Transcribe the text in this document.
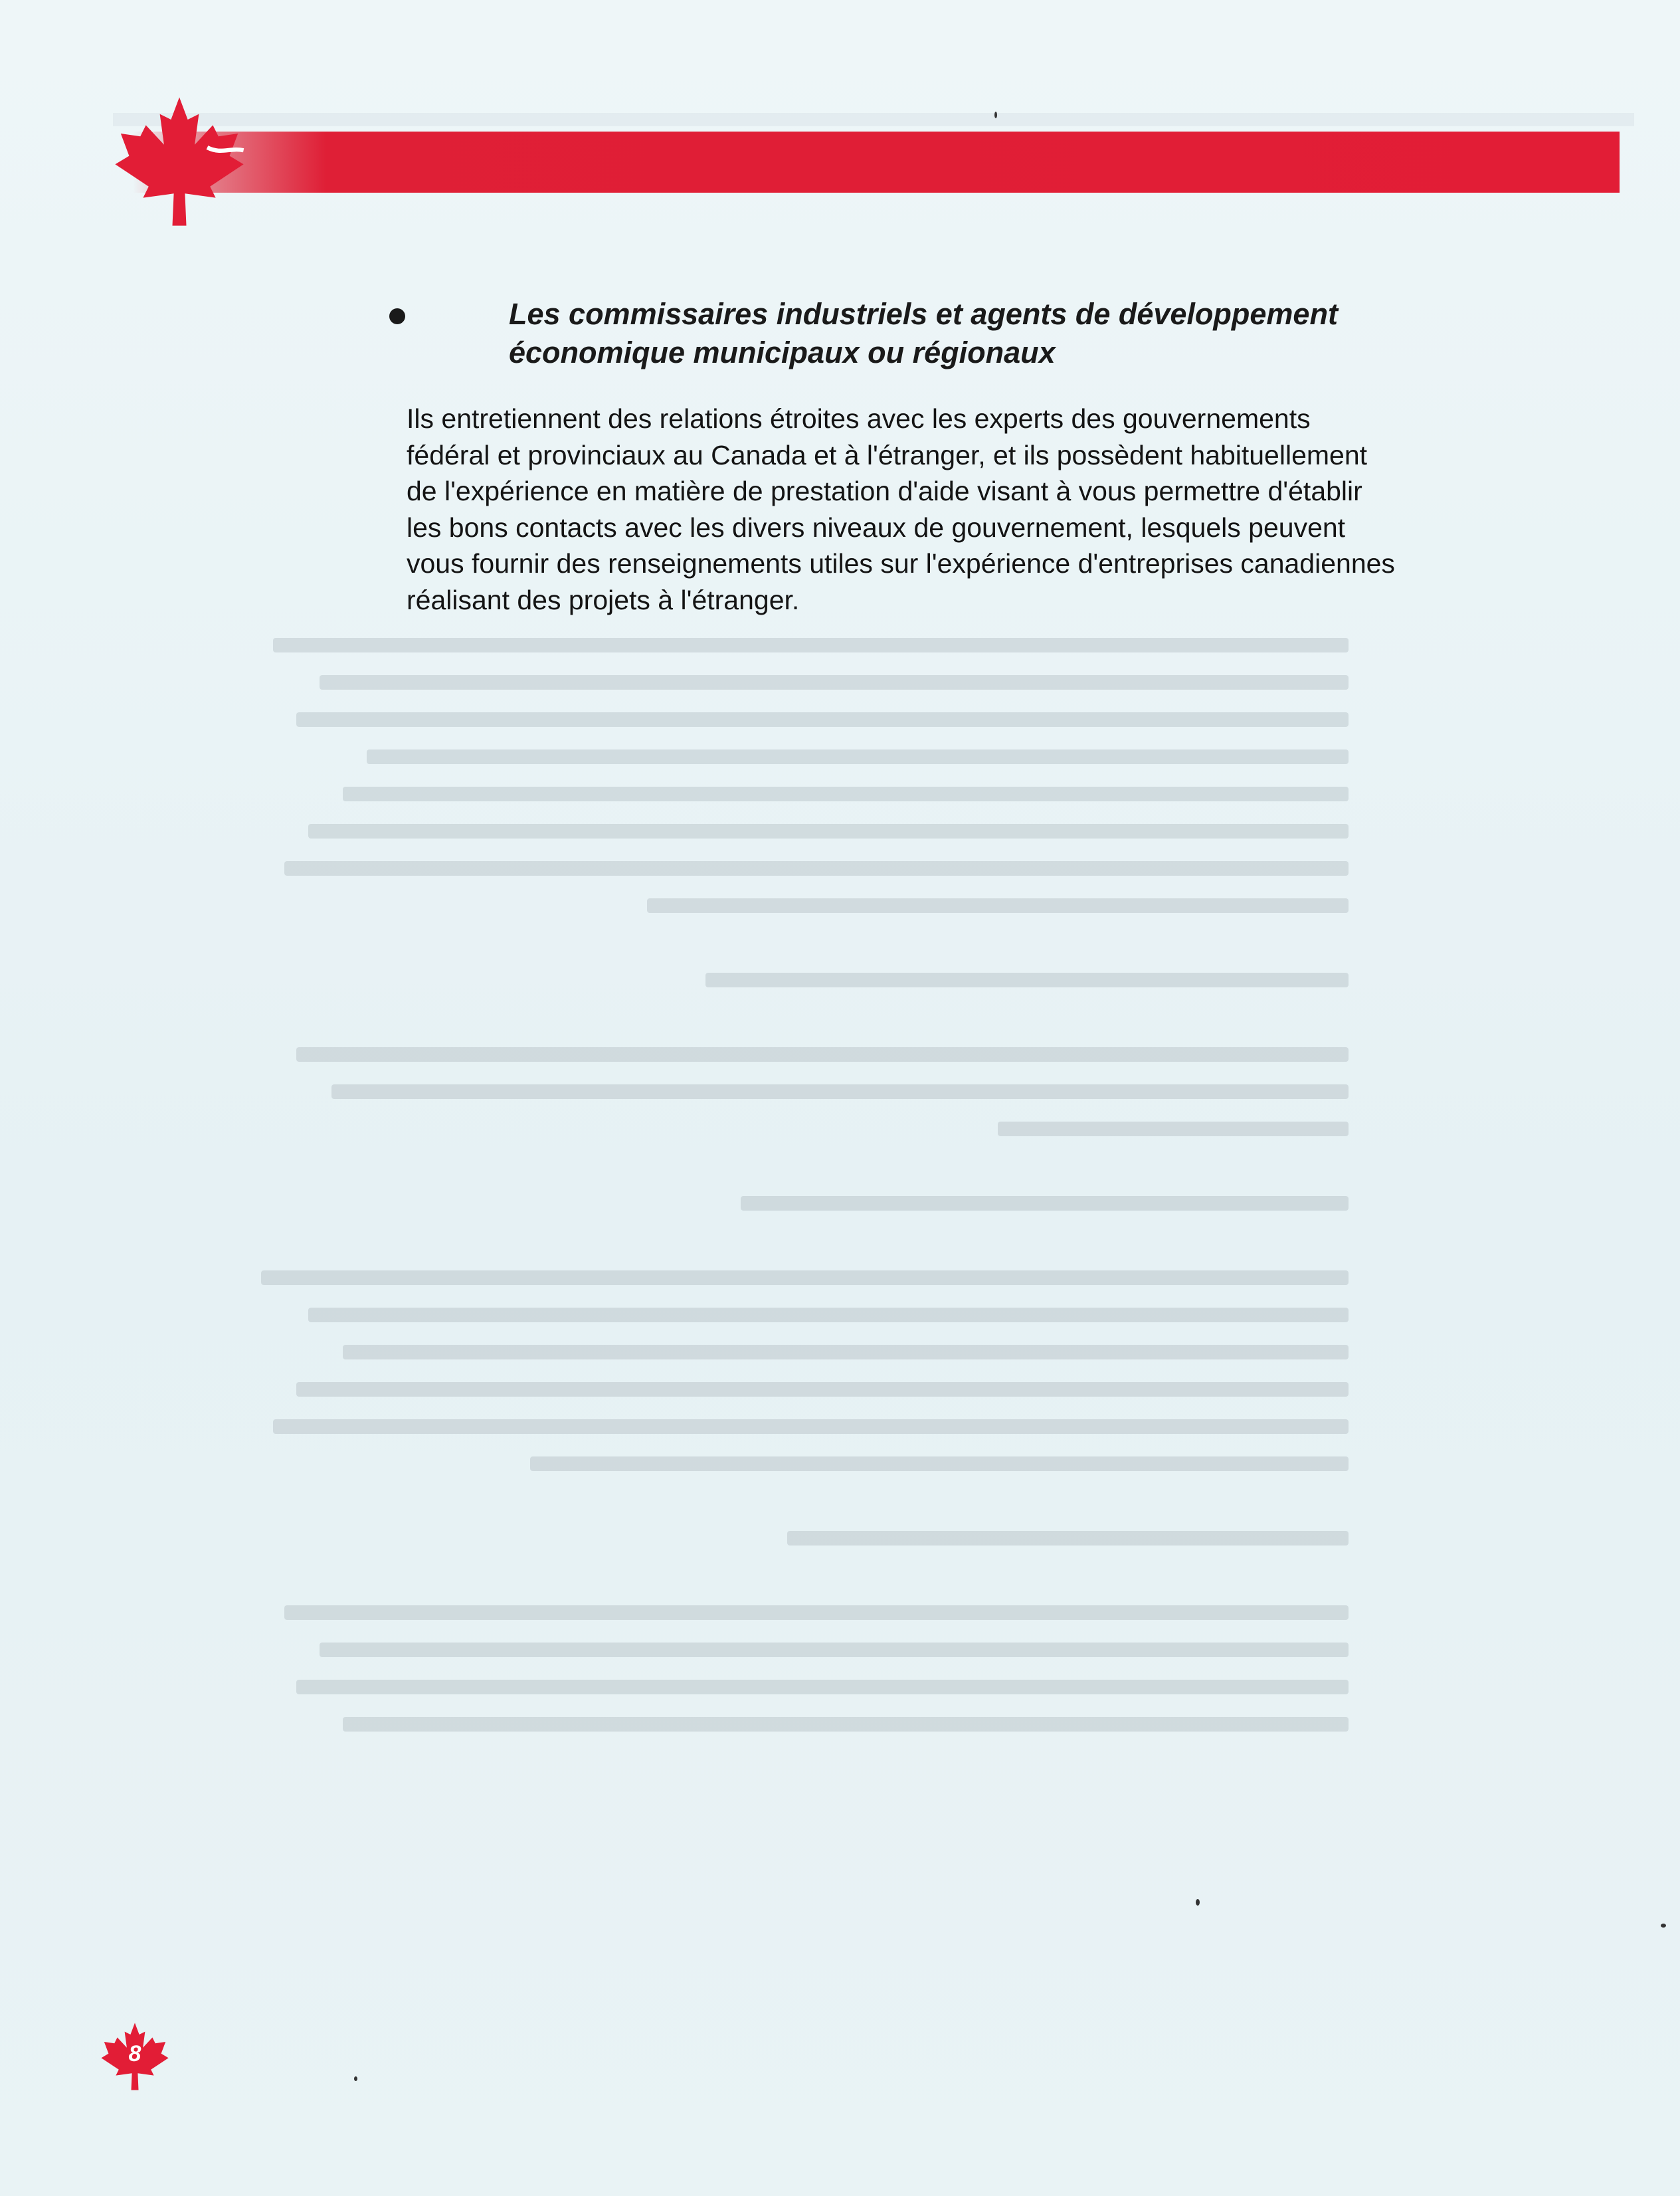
Les commissaires industriels et agents de développement
économique municipaux ou régionaux

Ils entretiennent des relations étroites avec les experts des gouvernements
fédéral et provinciaux au Canada et à l'étranger, et ils possèdent habituellement
de l'expérience en matière de prestation d'aide visant à vous permettre d'établir
les bons contacts avec les divers niveaux de gouvernement, lesquels peuvent
vous fournir des renseignements utiles sur l'expérience d'entreprises canadiennes
réalisant des projets à l'étranger.

8
